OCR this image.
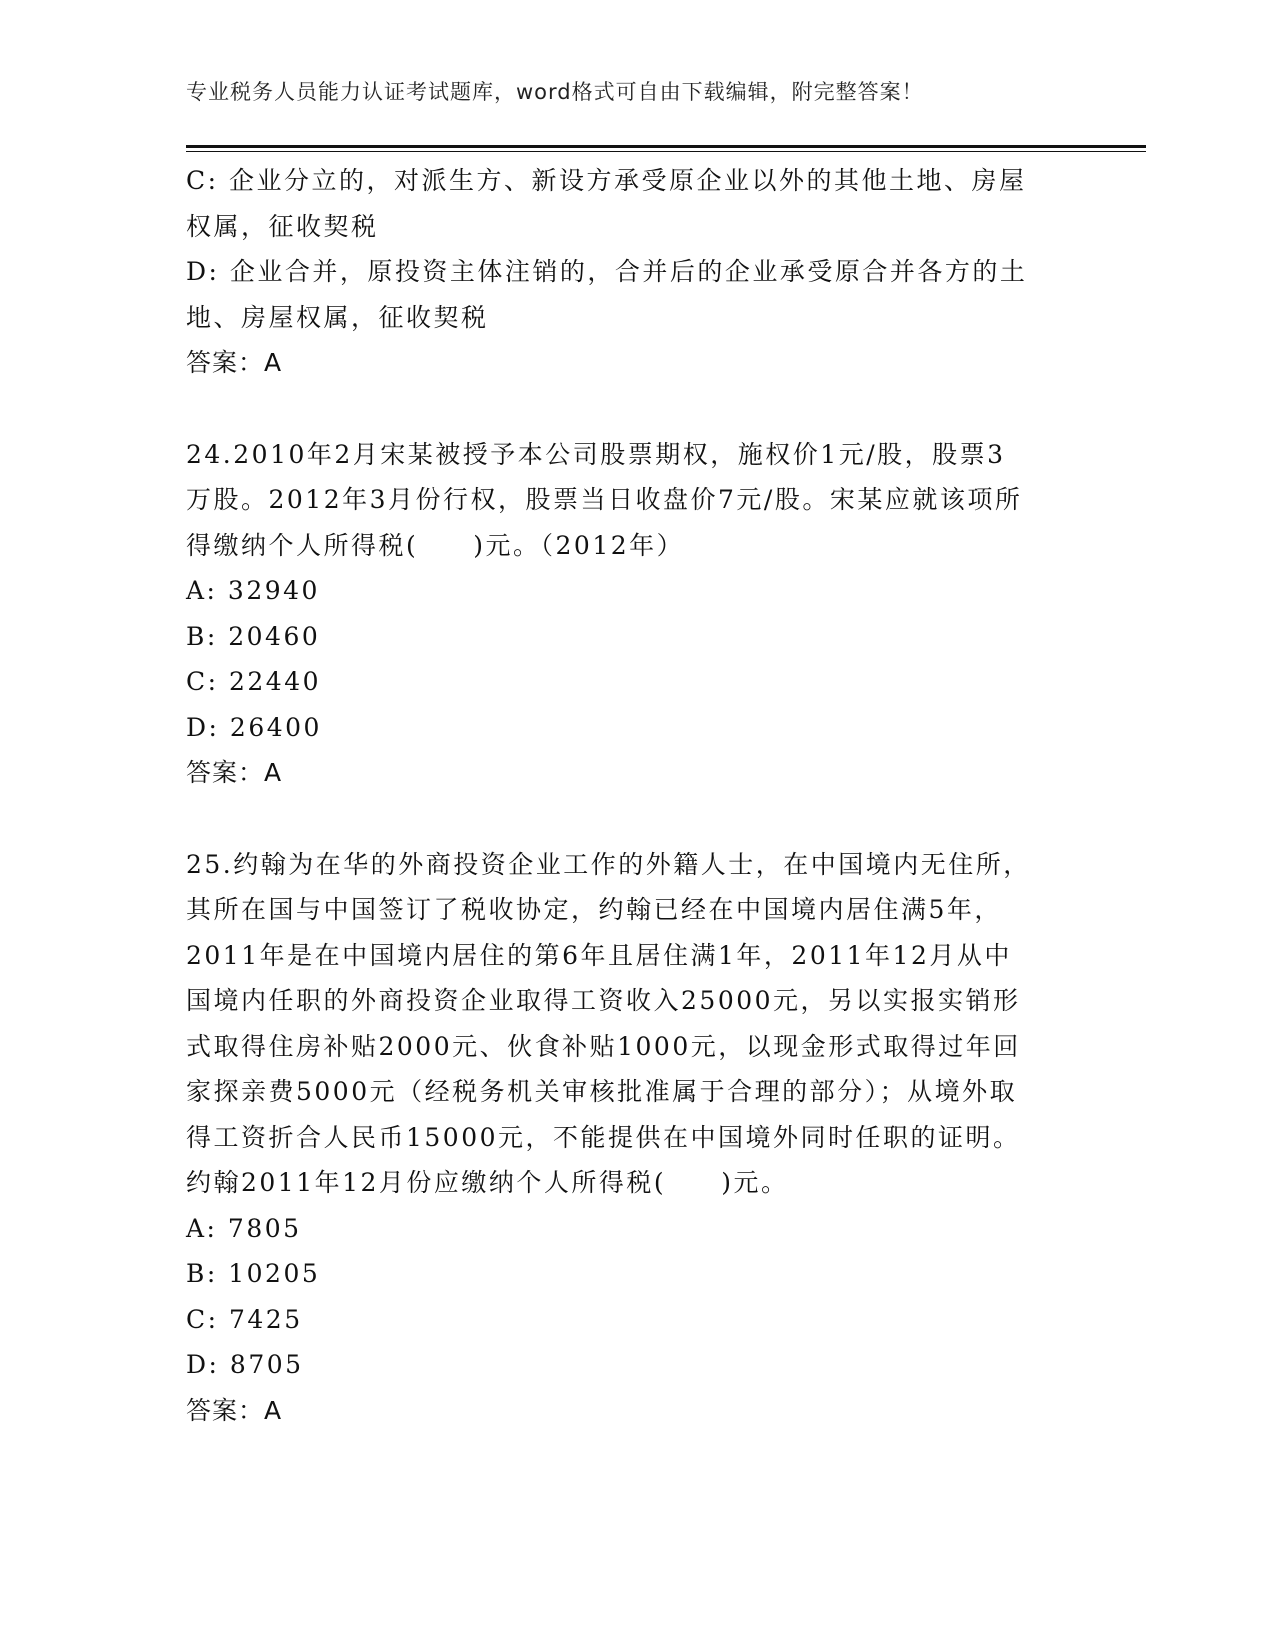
专业税务人员能力认证考试题库，word格式可自由下载编辑，附完整答案！
C: 企业分立的，对派生方、新设方承受原企业以外的其他土地、房屋
权属，征收契税
D: 企业合并，原投资主体注销的，合并后的企业承受原合并各方的土
地、房屋权属，征收契税
答案：A
24.2010年2月宋某被授予本公司股票期权，施权价1元/股，股票3
万股。2012年3月份行权，股票当日收盘价7元/股。宋某应就该项所
得缴纳个人所得税(　　)元。（2012年）
A: 32940
B: 20460
C: 22440
D: 26400
答案：A
25.约翰为在华的外商投资企业工作的外籍人士，在中国境内无住所，
其所在国与中国签订了税收协定，约翰已经在中国境内居住满5年，
2011年是在中国境内居住的第6年且居住满1年，2011年12月从中
国境内任职的外商投资企业取得工资收入25000元，另以实报实销形
式取得住房补贴2000元、伙食补贴1000元，以现金形式取得过年回
家探亲费5000元（经税务机关审核批准属于合理的部分）；从境外取
得工资折合人民币15000元，不能提供在中国境外同时任职的证明。
约翰2011年12月份应缴纳个人所得税(　　)元。
A: 7805
B: 10205
C: 7425
D: 8705
答案：A
